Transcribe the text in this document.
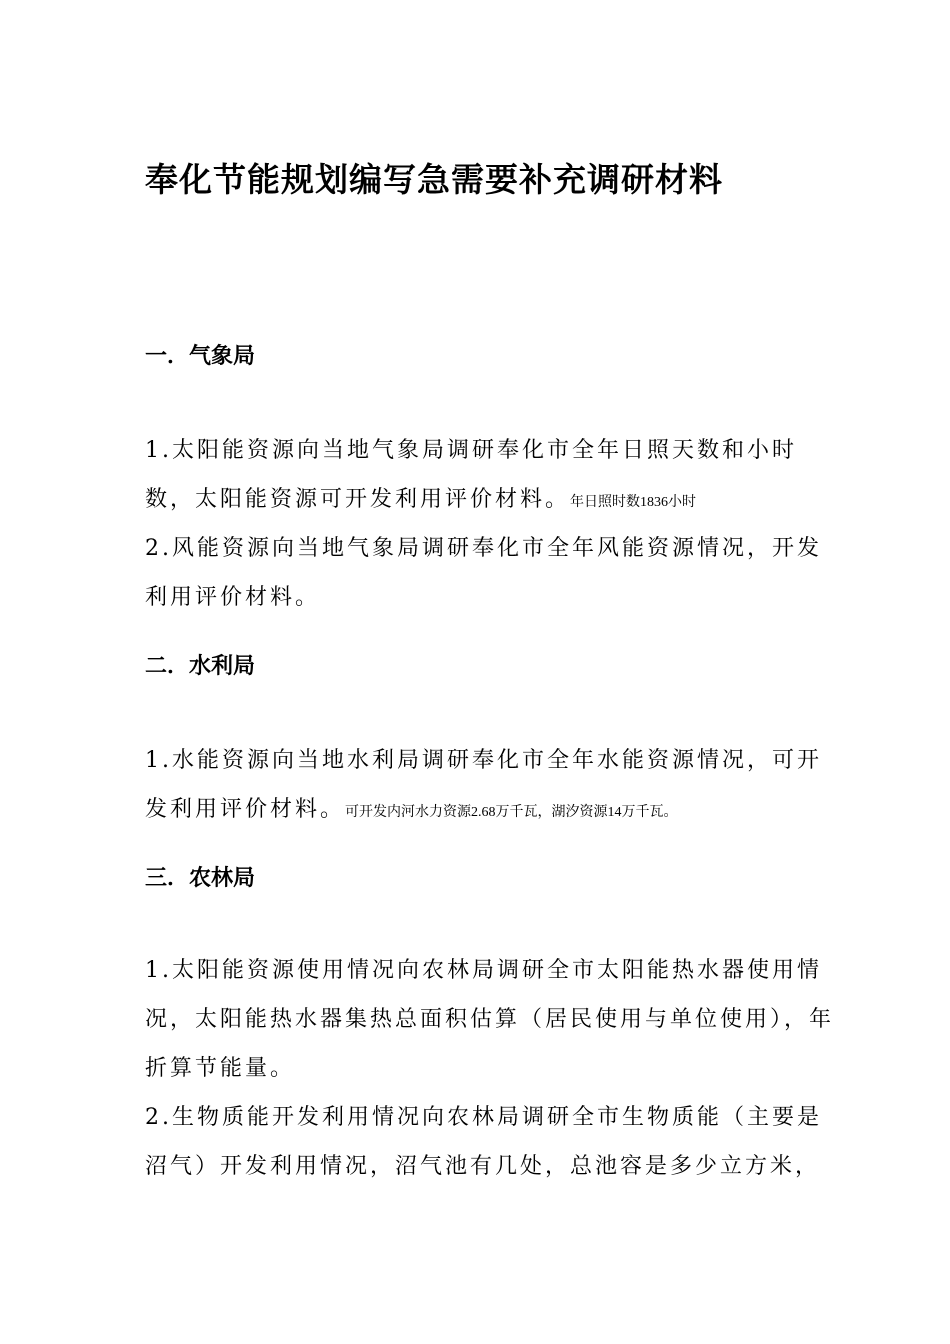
奉化节能规划编写急需要补充调研材料
一．气象局

1.太阳能资源向当地气象局调研奉化市全年日照天数和小时数，太阳能资源可开发利用评价材料。年日照时数1836小时

2.风能资源向当地气象局调研奉化市全年风能资源情况，开发利用评价材料。

二．水利局

1.水能资源向当地水利局调研奉化市全年水能资源情况，可开发利用评价材料。可开发内河水力资源2.68万千瓦，湖汐资源14万千瓦。

三．农林局

1.太阳能资源使用情况向农林局调研全市太阳能热水器使用情况，太阳能热水器集热总面积估算（居民使用与单位使用），年折算节能量。

2.生物质能开发利用情况向农林局调研全市生物质能（主要是沼气）开发利用情况，沼气池有几处，总池容是多少立方米，
